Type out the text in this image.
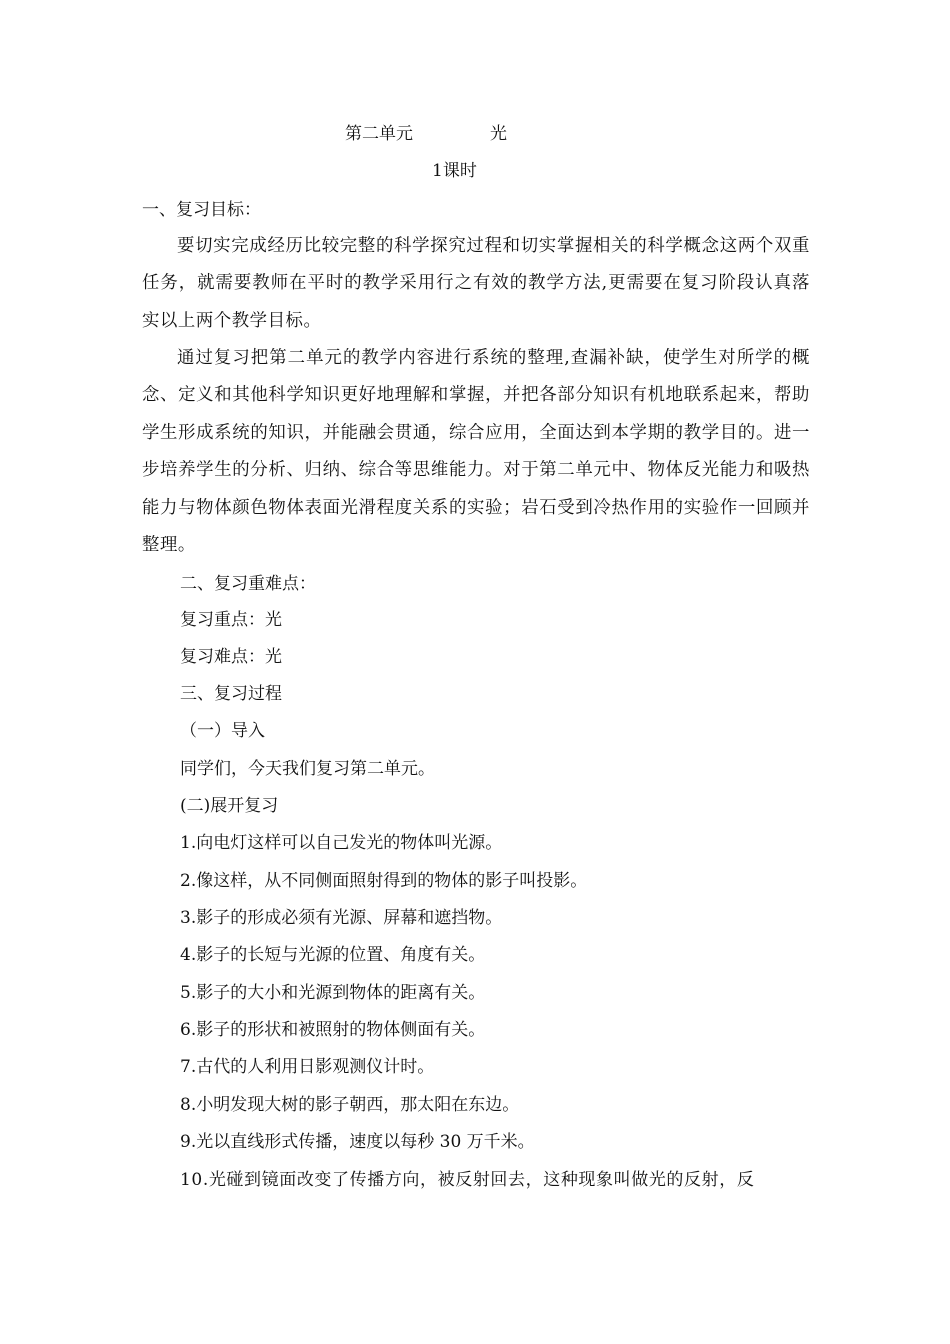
第二单元	光
1课时
一、复习目标：
要切实完成经历比较完整的科学探究过程和切实掌握相关的科学概念这两个双重任务，就需要教师在平时的教学采用行之有效的教学方法,更需要在复习阶段认真落实以上两个教学目标。
通过复习把第二单元的教学内容进行系统的整理,查漏补缺，使学生对所学的概念、定义和其他科学知识更好地理解和掌握，并把各部分知识有机地联系起来，帮助学生形成系统的知识，并能融会贯通，综合应用，全面达到本学期的教学目的。进一步培养学生的分析、归纳、综合等思维能力。对于第二单元中、物体反光能力和吸热能力与物体颜色物体表面光滑程度关系的实验；岩石受到冷热作用的实验作一回顾并整理。
二、复习重难点：
复习重点：光
复习难点：光
三、复习过程
（一）导入
同学们，今天我们复习第二单元。
(二)展开复习
1.向电灯这样可以自己发光的物体叫光源。
2.像这样，从不同侧面照射得到的物体的影子叫投影。
3.影子的形成必须有光源、屏幕和遮挡物。
4.影子的长短与光源的位置、角度有关。
5.影子的大小和光源到物体的距离有关。
6.影子的形状和被照射的物体侧面有关。
7.古代的人利用日影观测仪计时。
8.小明发现大树的影子朝西，那太阳在东边。
9.光以直线形式传播，速度以每秒 30 万千米。
10.光碰到镜面改变了传播方向，被反射回去，这种现象叫做光的反射，反
